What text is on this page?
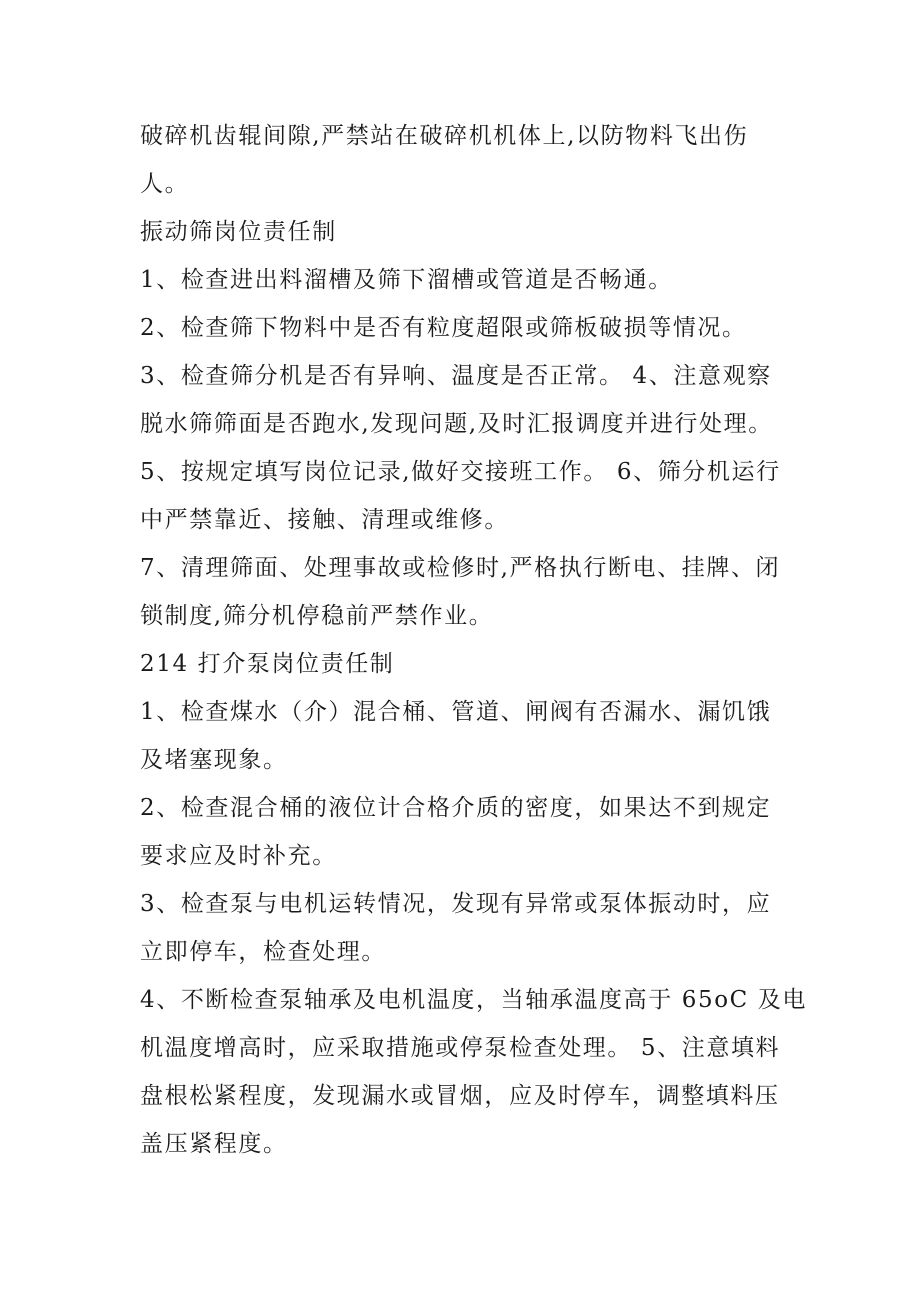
破碎机齿辊间隙,严禁站在破碎机机体上,以防物料飞出伤
人。
振动筛岗位责任制
1、检查进出料溜槽及筛下溜槽或管道是否畅通。
2、检查筛下物料中是否有粒度超限或筛板破损等情况。
3、检查筛分机是否有异响、温度是否正常。 4、注意观察
脱水筛筛面是否跑水,发现问题,及时汇报调度并进行处理。
5、按规定填写岗位记录,做好交接班工作。 6、筛分机运行
中严禁靠近、接触、清理或维修。
7、清理筛面、处理事故或检修时,严格执行断电、挂牌、闭
锁制度,筛分机停稳前严禁作业。
214 打介泵岗位责任制
1、检查煤水（介）混合桶、管道、闸阀有否漏水、漏饥饿
及堵塞现象。
2、检查混合桶的液位计合格介质的密度，如果达不到规定
要求应及时补充。
3、检查泵与电机运转情况，发现有异常或泵体振动时，应
立即停车，检查处理。
4、不断检查泵轴承及电机温度，当轴承温度高于 65oC 及电
机温度增高时，应采取措施或停泵检查处理。 5、注意填料
盘根松紧程度，发现漏水或冒烟，应及时停车，调整填料压
盖压紧程度。
